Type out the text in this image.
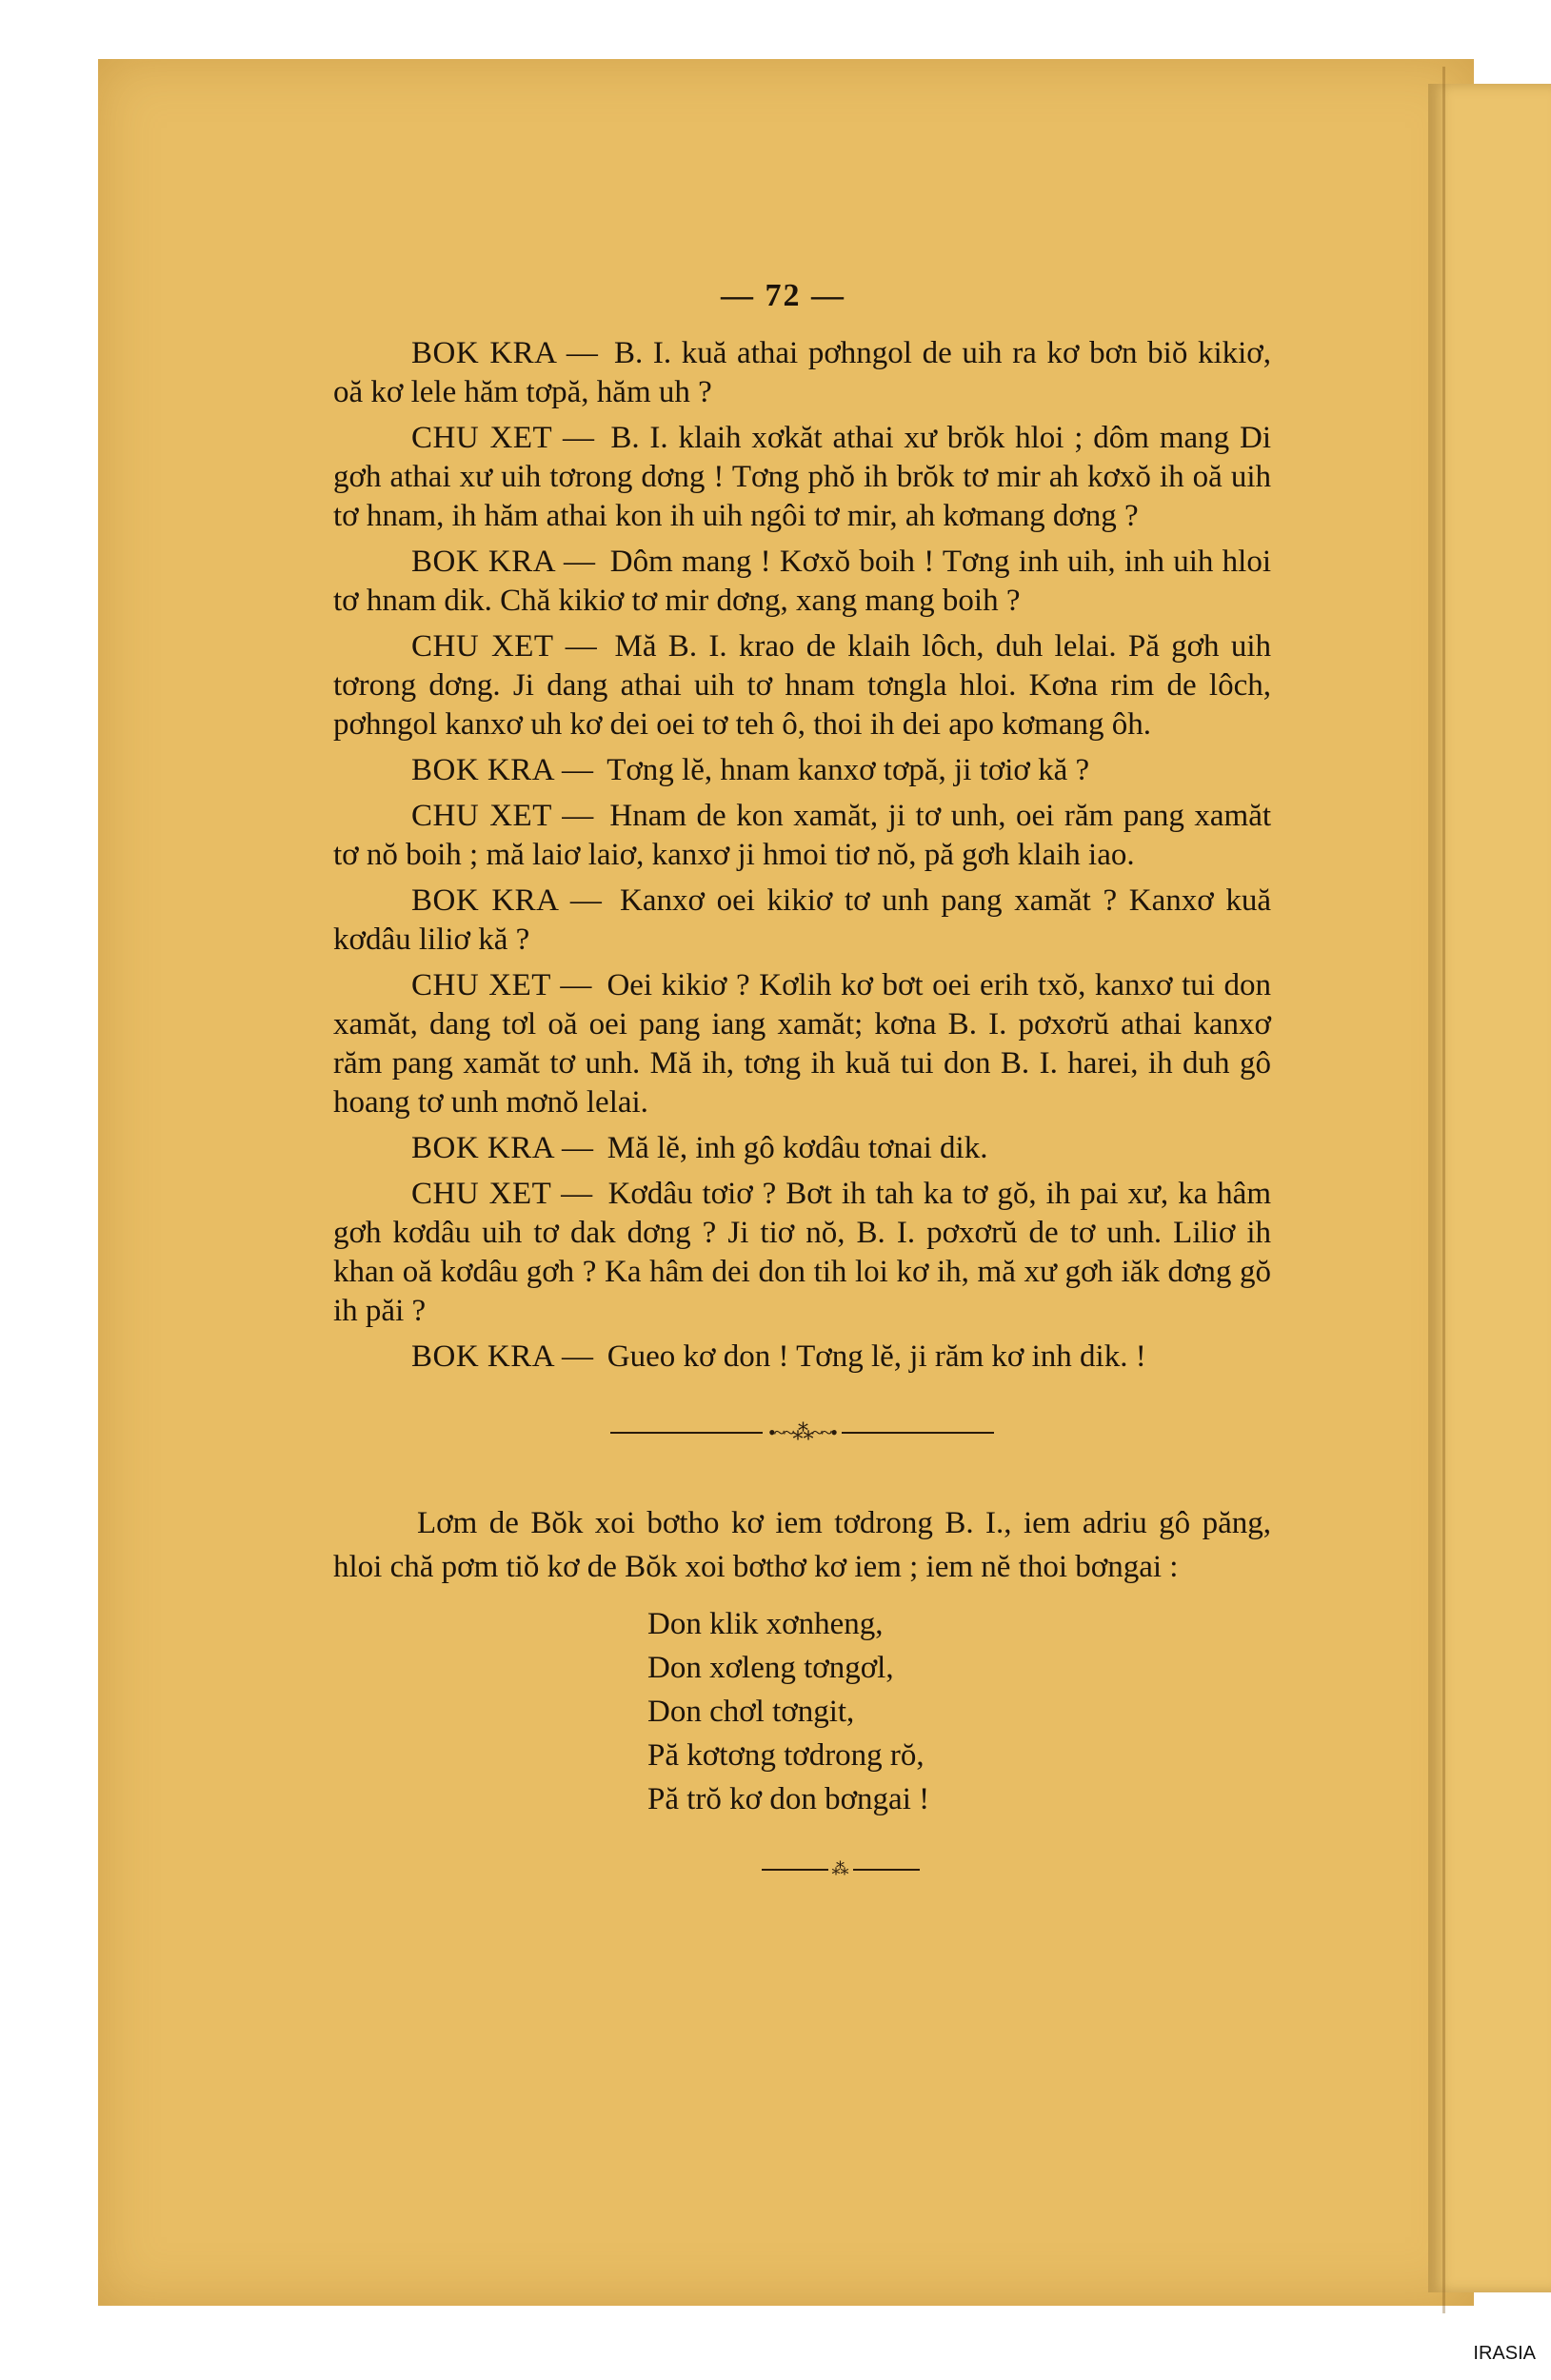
— 72 —

BOK KRA — B. I. kuă athai pơhngol de uih ra kơ bơn biŏ kikiơ, oă kơ lele hăm tơpă, hăm uh ?

CHU XET — B. I. klaih xơkăt athai xư brŏk hloi ; dôm mang Di gơh athai xư uih tơrong dơng ! Tơng phŏ ih brŏk tơ mir ah kơxŏ ih oă uih tơ hnam, ih hăm athai kon ih uih ngôi tơ mir, ah kơmang dơng ?

BOK KRA — Dôm mang ! Kơxŏ boih ! Tơng inh uih, inh uih hloi tơ hnam dik. Chă kikiơ tơ mir dơng, xang mang boih ?

CHU XET — Mă B. I. krao de klaih lôch, duh lelai. Pă gơh uih tơrong dơng. Ji dang athai uih tơ hnam tơngla hloi. Kơna rim de lôch, pơhngol kanxơ uh kơ dei oei tơ teh ô, thoi ih dei apo kơmang ôh.

BOK KRA — Tơng lĕ, hnam kanxơ tơpă, ji tơiơ kă ?

CHU XET — Hnam de kon xamăt, ji tơ unh, oei răm pang xamăt tơ nŏ boih ; mă laiơ laiơ, kanxơ ji hmoi tiơ nŏ, pă gơh klaih iao.

BOK KRA — Kanxơ oei kikiơ tơ unh pang xamăt ? Kanxơ kuă kơdâu liliơ kă ?

CHU XET — Oei kikiơ ? Kơlih kơ bơt oei erih txŏ, kanxơ tui don xamăt, dang tơl oă oei pang iang xamăt; kơna B. I. pơxơrŭ athai kanxơ răm pang xamăt tơ unh. Mă ih, tơng ih kuă tui don B. I. harei, ih duh gô hoang tơ unh mơnŏ lelai.

BOK KRA — Mă lĕ, inh gô kơdâu tơnai dik.

CHU XET — Kơdâu tơiơ ? Bơt ih tah ka tơ gŏ, ih pai xư, ka hâm gơh kơdâu uih tơ dak dơng ? Ji tiơ nŏ, B. I. pơxơrŭ de tơ unh. Liliơ ih khan oă kơdâu gơh ? Ka hâm dei don tih loi kơ ih, mă xư gơh iăk dơng gŏ ih păi ?

BOK KRA — Gueo kơ don ! Tơng lĕ, ji răm kơ inh dik. !

•~~⁂~~•

Lơm de Bŏk xoi bơtho kơ iem tơdrong B. I., iem adriu gô păng, hloi chă pơm tiŏ kơ de Bŏk xoi bơthơ kơ iem ; iem nĕ thoi bơngai :

Don klik xơnheng,
Don xơleng tơngơl,
Don chơl tơngit,
Pă kơtơng tơdrong rŏ,
Pă trŏ kơ don bơngai !
⁂
IRASIA
